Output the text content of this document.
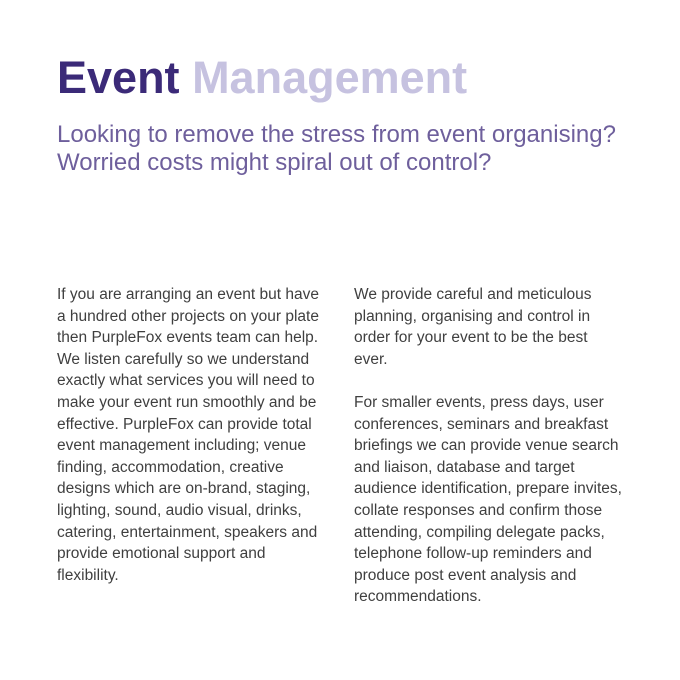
Event Management
Looking to remove the stress from event organising? Worried costs might spiral out of control?

If you are arranging an event but have a hundred other projects on your plate then PurpleFox events team can help. We listen carefully so we understand exactly what services you will need to make your event run smoothly and be effective. PurpleFox can provide total event management including; venue finding, accommodation, creative designs which are on-brand, staging, lighting, sound, audio visual, drinks, catering, entertainment, speakers and provide emotional support and flexibility.

We provide careful and meticulous planning, organising and control in order for your event to be the best ever.

For smaller events, press days, user conferences, seminars and breakfast briefings we can provide venue search and liaison, database and target audience identification, prepare invites, collate responses and confirm those attending, compiling delegate packs, telephone follow-up reminders and produce post event analysis and recommendations.
